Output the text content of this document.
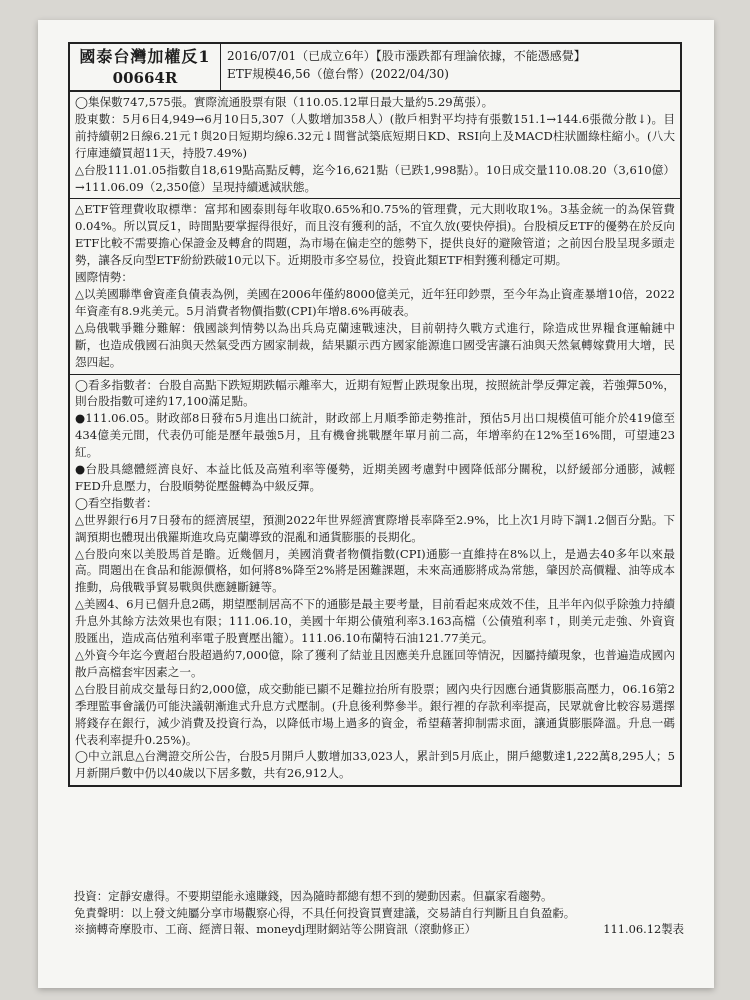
國泰台灣加權反1
00664R
2016/07/01（已成立6年）【股市漲跌都有理論依據，不能憑感覺】
ETF規模46,56（億台幣）(2022/04/30)

◯集保數747,575張。實際流通股票有限（110.05.12單日最大量約5.29萬張）。

股東數：5月6日4,949→6月10日5,307（人數增加358人）(散戶相對平均持有張數151.1→144.6張微分散↓)。目前持續朝2日線6.21元↑與20日短期均線6.32元↓間嘗試築底短期日KD、RSI向上及MACD柱狀圖綠柱縮小。(八大行庫連續買超11天，持股7.49%)

△台股111.01.05指數自18,619點高點反轉，迄今16,621點（已跌1,998點）。10日成交量110.08.20（3,610億）→111.06.09（2,350億）呈現持續遞減狀態。

△ETF管理費收取標準：富邦和國泰則每年收取0.65%和0.75%的管理費，元大則收取1%。3基金統一的為保管費0.04%。所以買反1，時間點要掌握得很好，而且沒有獲利的話，不宜久放(要快停損)。台股槓反ETF的優勢在於反向ETF比較不需要擔心保證金及轉倉的問題，為市場在偏走空的態勢下，提供良好的避險管道；之前因台股呈現多頭走勢，讓各反向型ETF紛紛跌破10元以下。近期股市多空易位，投資此類ETF相對獲利穩定可期。

國際情勢：

△以美國聯準會資產負債表為例，美國在2006年僅約8000億美元，近年狂印鈔票，至今年為止資產暴增10倍，2022年資產有8.9兆美元。5月消費者物價指數(CPI)年增8.6%再破表。

△烏俄戰爭難分難解：俄國談判情勢以為出兵烏克蘭速戰速決，目前朝持久戰方式進行，除造成世界糧食運輸鏈中斷，也造成俄國石油與天然氣受西方國家制裁，結果顯示西方國家能源進口國受害讓石油與天然氣轉嫁費用大增，民怨四起。

◯看多指數者：台股自高點下跌短期跌幅示離率大，近期有短暫止跌現象出現，按照統計學反彈定義，若強彈50%，則台股指數可達約17,100滿足點。

●111.06.05。財政部8日發布5月進出口統計，財政部上月順季節走勢推計，預估5月出口規模值可能介於419億至434億美元間，代表仍可能是歷年最強5月，且有機會挑戰歷年單月前二高，年增率約在12%至16%間，可望連23紅。

●台股具總體經濟良好、本益比低及高殖利率等優勢，近期美國考慮對中國降低部分關稅，以紓緩部分通膨，減輕FED升息壓力，台股順勢從壓盤轉為中級反彈。

◯看空指數者：

△世界銀行6月7日發布的經濟展望，預測2022年世界經濟實際增長率降至2.9%，比上次1月時下調1.2個百分點。下調預期也體現出俄羅斯進攻烏克蘭導致的混亂和通貨膨脹的長期化。

△台股向來以美股馬首是瞻。近幾個月，美國消費者物價指數(CPI)通膨一直維持在8%以上，是過去40多年以來最高。問題出在食品和能源價格，如何將8%降至2%將是困難課題，未來高通膨將成為常態，肇因於高價糧、油等成本推動，烏俄戰爭貿易戰與供應鏈斷鏈等。

△美國4、6月已個升息2碼，期望壓制居高不下的通膨是最主要考量，目前看起來成效不佳，且半年內似乎除強力持續升息外其餘方法效果也有限；111.06.10，美國十年期公債殖利率3.163高檔（公債殖利率↑，則美元走強、外資資股匯出，造成高估殖利率電子股賣壓出籠）。111.06.10布蘭特石油121.77美元。

△外資今年迄今賣超台股超過約7,000億，除了獲利了結並且因應美升息匯回等情況，因屬持續現象，也普遍造成國內散戶高檔套牢因素之一。

△台股目前成交量每日約2,000億，成交動能已顯不足難拉抬所有股票；國內央行因應台通貨膨脹高壓力，06.16第2季理監事會議仍可能決議朝漸進式升息方式壓制。(升息後利弊參半。銀行裡的存款利率提高，民眾就會比較容易選擇將錢存在銀行，減少消費及投資行為，以降低市場上過多的資金，希望藉著抑制需求面，讓通貨膨脹降溫。升息一碼代表利率提升0.25%)。

◯中立訊息△台灣證交所公告，台股5月開戶人數增加33,023人，累計到5月底止，開戶總數達1,222萬8,295人；5月新開戶數中仍以40歲以下居多數，共有26,912人。

投資：定靜安慮得。不要期望能永遠賺錢，因為隨時都總有想不到的變動因素。但贏家看趨勢。

免責聲明：以上發文純屬分享市場觀察心得，不具任何投資買賣建議，交易請自行判斷且自負盈虧。

※摘轉奇摩股市、工商、經濟日報、moneydj理財網站等公開資訊（滾動修正）	111.06.12製表
